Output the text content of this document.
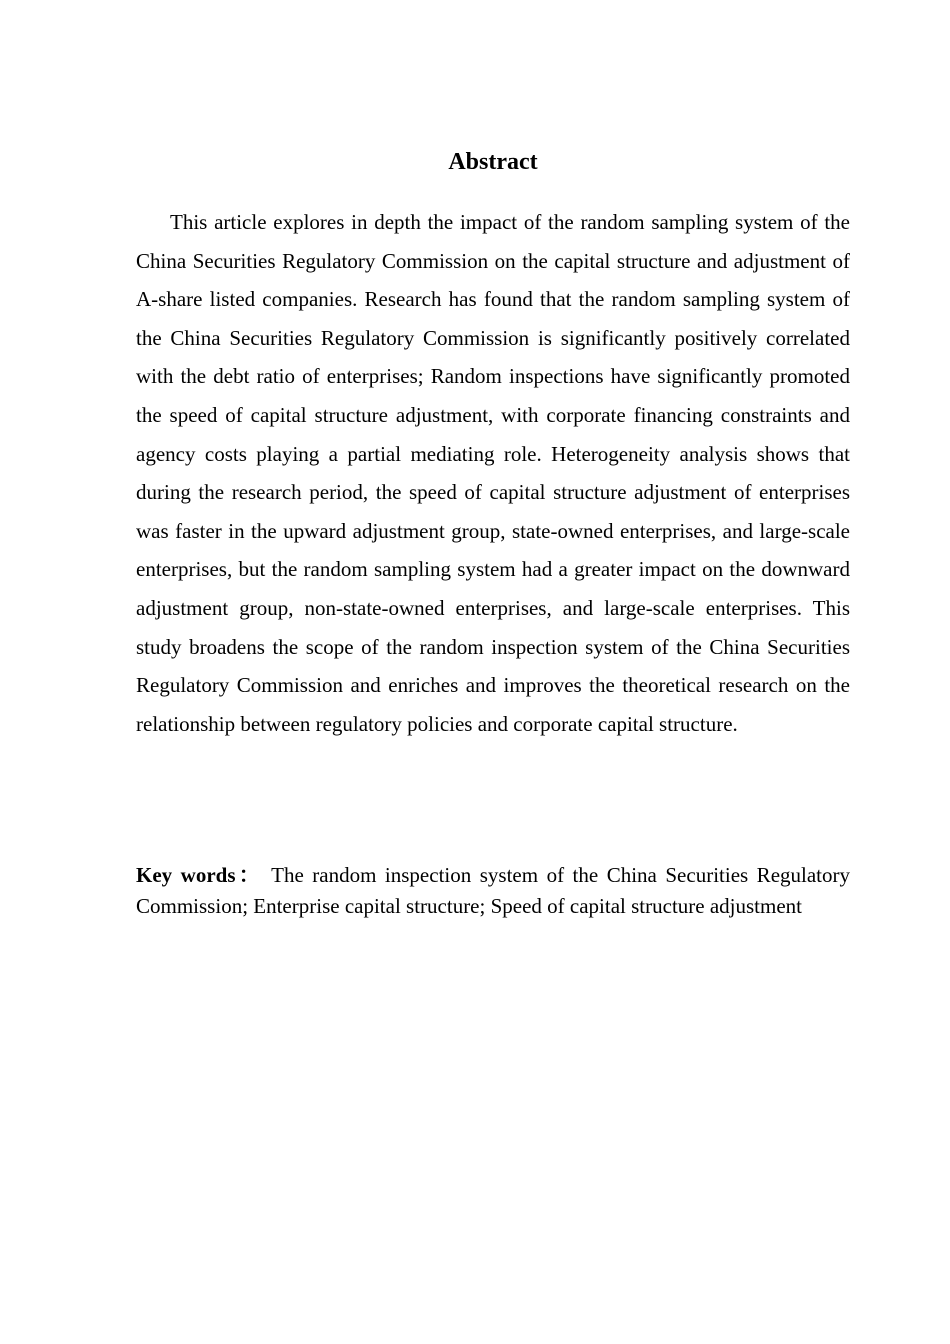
Abstract

This article explores in depth the impact of the random sampling system of the China Securities Regulatory Commission on the capital structure and adjustment of A-share listed companies. Research has found that the random sampling system of the China Securities Regulatory Commission is significantly positively correlated with the debt ratio of enterprises; Random inspections have significantly promoted the speed of capital structure adjustment, with corporate financing constraints and agency costs playing a partial mediating role. Heterogeneity analysis shows that during the research period, the speed of capital structure adjustment of enterprises was faster in the upward adjustment group, state-owned enterprises, and large-scale enterprises, but the random sampling system had a greater impact on the downward adjustment group, non-state-owned enterprises, and large-scale enterprises. This study broadens the scope of the random inspection system of the China Securities Regulatory Commission and enriches and improves the theoretical research on the relationship between regulatory policies and corporate capital structure.

Key words： The random inspection system of the China Securities Regulatory Commission; Enterprise capital structure; Speed of capital structure adjustment
